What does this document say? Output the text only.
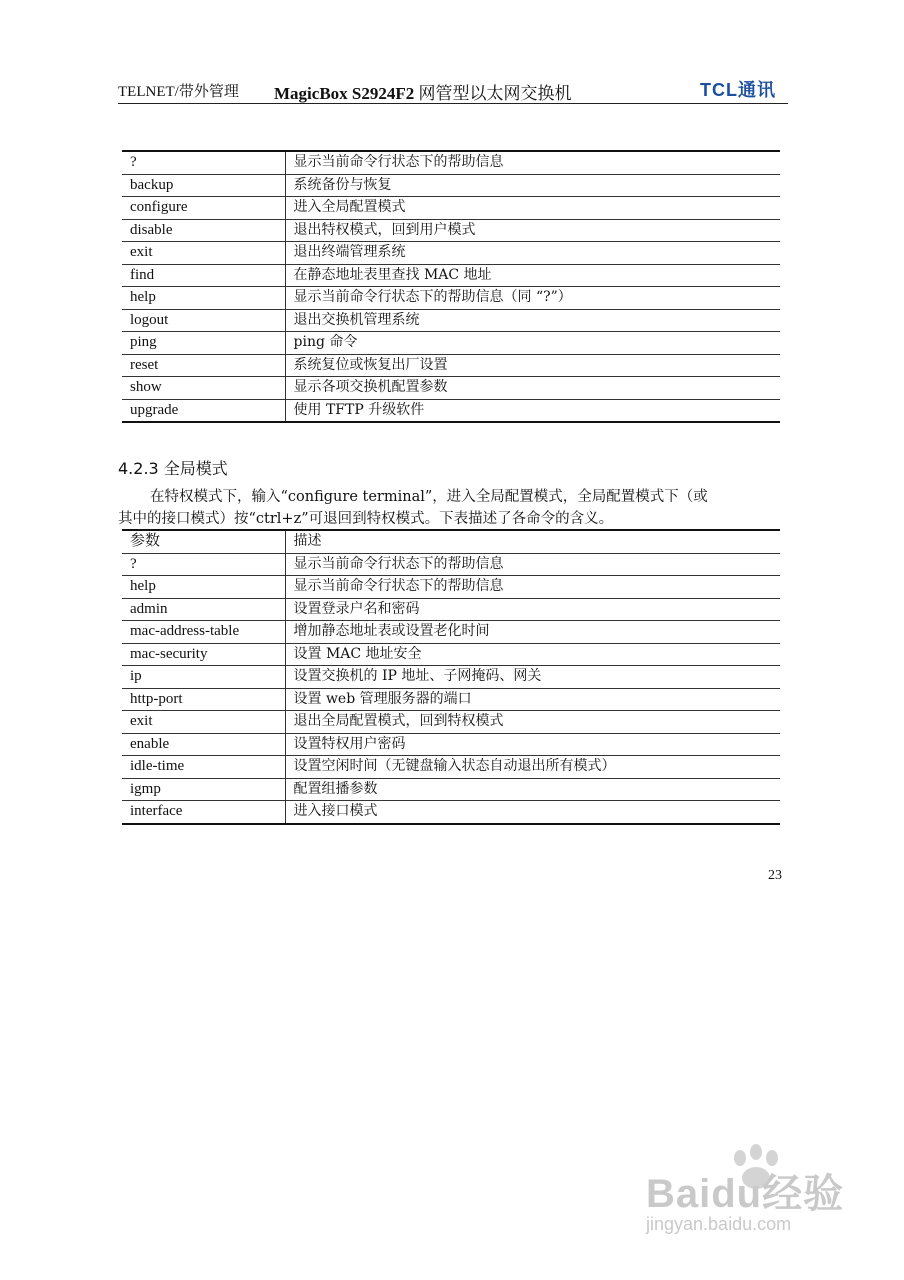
TELNET/带外管理 MagicBox S2924F2 网管型以太网交换机	TCL通讯
?	显示当前命令行状态下的帮助信息
backup	系统备份与恢复
configure	进入全局配置模式
disable	退出特权模式，回到用户模式
exit	退出终端管理系统
find	在静态地址表里查找 MAC 地址
help	显示当前命令行状态下的帮助信息（同 “?”）
logout	退出交换机管理系统
ping	ping 命令
reset	系统复位或恢复出厂设置
show	显示各项交换机配置参数
upgrade	使用 TFTP 升级软件
4.2.3 全局模式
在特权模式下，输入“configure terminal”，进入全局配置模式，全局配置模式下（或
其中的接口模式）按“ctrl+z”可退回到特权模式。下表描述了各命令的含义。
参数	描述
?	显示当前命令行状态下的帮助信息
help	显示当前命令行状态下的帮助信息
admin	设置登录户名和密码
mac-address-table	增加静态地址表或设置老化时间
mac-security	设置 MAC 地址安全
ip	设置交换机的 IP 地址、子网掩码、网关
http-port	设置 web 管理服务器的端口
exit	退出全局配置模式，回到特权模式
enable	设置特权用户密码
idle-time	设置空闲时间（无键盘输入状态自动退出所有模式）
igmp	配置组播参数
interface	进入接口模式
23
Baidu经验
jingyan.baidu.com
